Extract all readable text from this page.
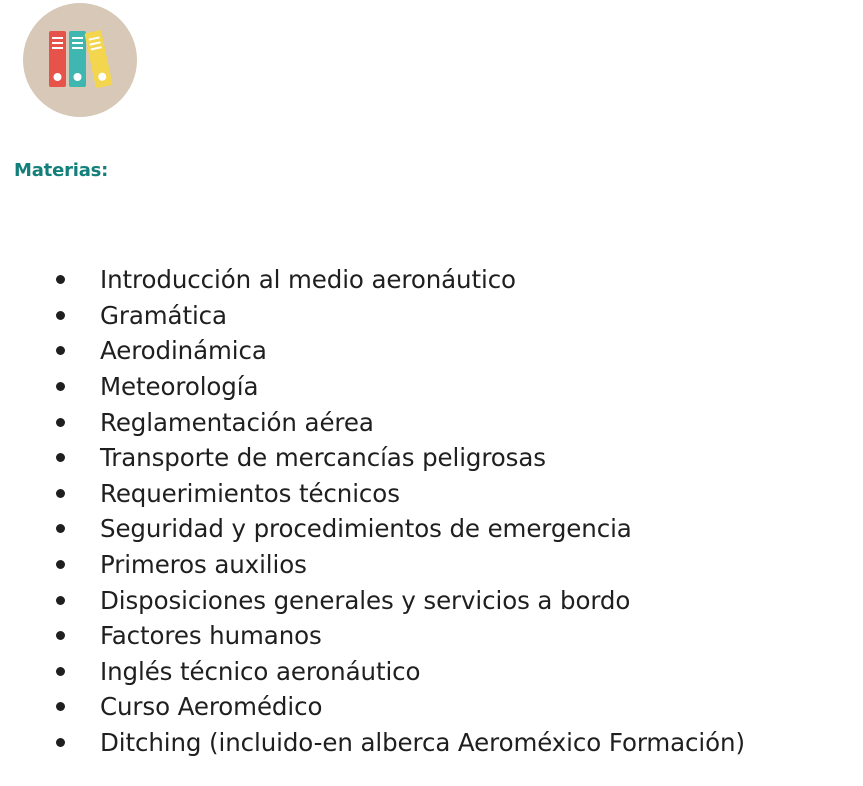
Materias:
Introducción al medio aeronáutico
Gramática
Aerodinámica
Meteorología
Reglamentación aérea
Transporte de mercancías peligrosas
Requerimientos técnicos
Seguridad y procedimientos de emergencia
Primeros auxilios
Disposiciones generales y servicios a bordo
Factores humanos
Inglés técnico aeronáutico
Curso Aeromédico
Ditching (incluido-en alberca Aeroméxico Formación)
